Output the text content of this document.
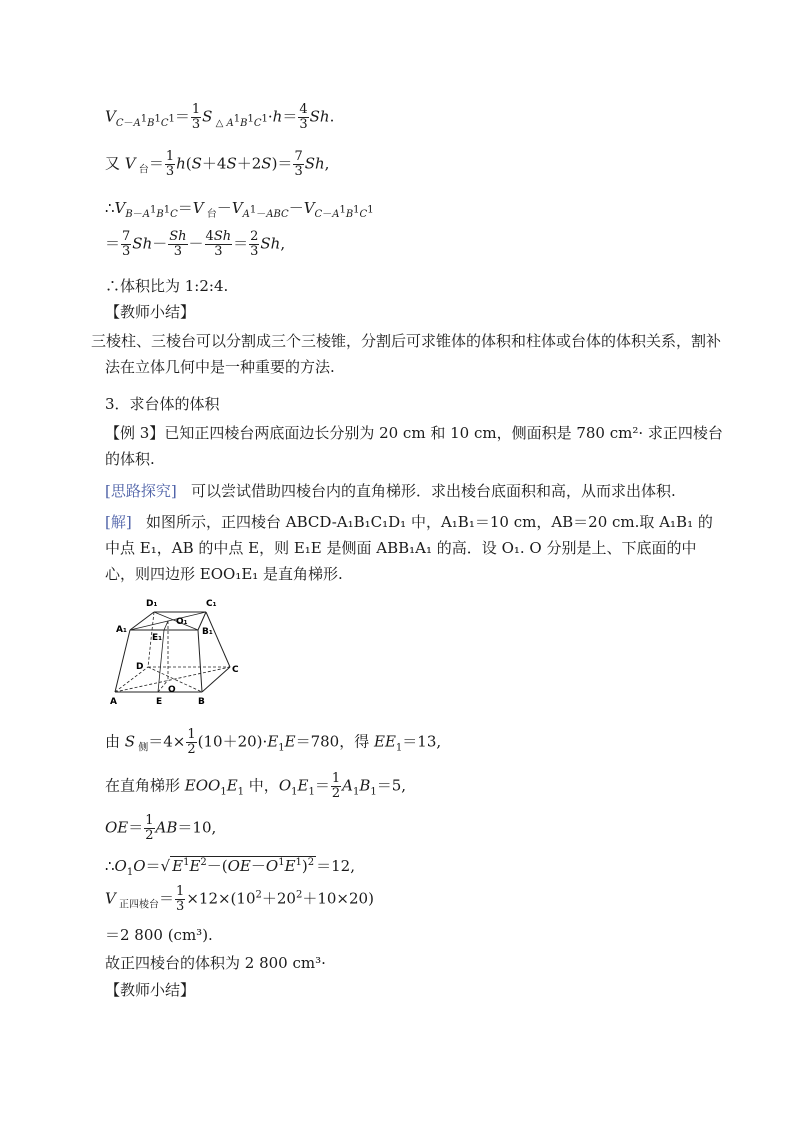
$V_{C-A^1B^1C^1}= \frac{1}{3}$ S $_{\triangle A^1B^1C^1}\cdot h= \frac{4}{3} Sh$.
又 V $_台= \frac{1}{3} h(S+4S+2S)= \frac{7}{3} Sh$,
$\therefore V_{B-A^1B^1C}=V$ $_台-V_{A^1-ABC}-V_{C-A^1B^1C^1}$
＝ $\frac{7}{3} Sh- \frac{Sh}{3} - \frac{4Sh}{3} = \frac{2}{3} Sh$,
∴体积比为 1:2:4.
【教师小结】
三棱柱、三棱台可以分割成三个三棱锥，分割后可求锥体的体积和柱体或台体的体积关系，割补法在立体几何中是一种重要的方法.
3．求台体的体积
【例 3】已知正四棱台两底面边长分别为 20 cm 和 10 cm，侧面积是 780 cm²· 求正四棱台的体积.
[思路探究] 可以尝试借助四棱台内的直角梯形．求出棱台底面积和高，从而求出体积.
[解] 如图所示，正四棱台 ABCD-A₁B₁C₁D₁ 中，A₁B₁＝10 cm，AB＝20 cm.取 A₁B₁ 的中点 E₁，AB 的中点 E，则 E₁E 是侧面 ABB₁A₁ 的高．设 O₁. O 分别是上、下底面的中心，则四边形 EOO₁E₁ 是直角梯形.
D₁	C₁
A₁	B₁
E₁
O₁
A	B
C
D
E
O
由 S $_侧=4\times \frac{1}{2} (10+20)\cdot E_1E=780$，得 $EE_1=13$,
在直角梯形 $EOO_1E_1$ 中，$O_1E_1= \frac{1}{2} A_1B_1=5$,
$OE= \frac{1}{2} AB=10$,
$\therefore O_1O=√$ $E^1E^2-(OE-O^1E^1)^2 =12$,
V $_{正四棱台}= \frac{1}{3} \times 12\times(10^2+20^2+10\times 20)$
＝2 800 (cm³).
故正四棱台的体积为 2 800 cm³·
【教师小结】
